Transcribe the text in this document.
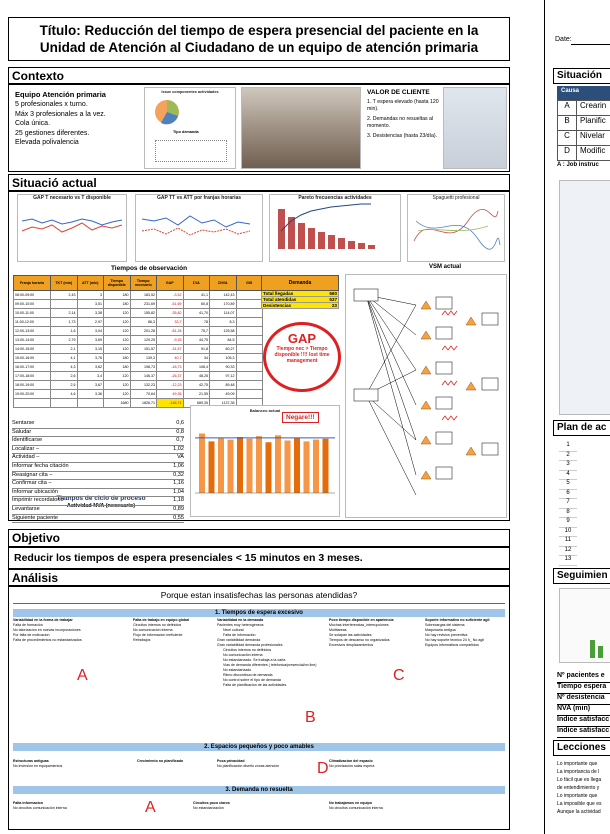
Título: Reducción del tiempo de espera presencial del paciente en la Unidad de Atención al Ciudadano de un equipo de atención primaria
Date:
Situación
Causa
A	Crearin
B	Planific
C	Nivelar
D	Modific
A : Job instruc
Plan de ac
1
2
3
4
5
6
7
8
9
10
11
12
13
Seguimien
Nº pacientes e
Tiempo espera
Nº desistencia
NVA (min)
Indice satisfacc
Indice satisfacc
Lecciones
Lo importante que
La importancia de l
Lo fácil que es llega
de entendimiento y
Lo importante que
La imposible que es
Aunque la actividad
Contexto
Equipo Atención primaria
5 profesionales x turno.
Máx 3 profesionales a la vez.
Cola única.
25 gestiones diferentes.
Elevada polivalencia
Issue componentes actividades
Tipo demanda
VALOR DE CLIENTE
1. T espera elevado (hasta 120 min).
2. Demandas no resueltas al momento.
3. Desistencias (hasta 23/día).
Situació actual
GAP T necesario vs T disponible	GAP TT vs ATT por franjas horarias	Pareto frecuencias actividades	Spaguetti profesional
Tiempos de observación
Franja horaria	TKT (min)	ATT (min)	Tiempo disponible	Tiempo necesario	GAP	ΣVA	ΣNVA	GIS
08:00-09:00	2,43	3	180	183,52	-3,52	41,1	142,43	
09:00-10:00		3,51	180	231,69	-51,69	60,8	170,89	
10:00-11:00	2,14	3,38	120	155,82	-35,82	41,70	114,07	
11:00-12:00	1,73	2,97	120	86,3	33,7	78	8,3	
12:00-13:00	1,6	3,04	120	201,28	-81,28	75,7	125,58	
13:00-14:00	2,79	3,69	120	129,25	-9,25	44,75	84,5	
14:00-15:00	2,1	3,15	120	151,57	-31,57	91,8	60,27	
15:00-16:00	4,1	3,76	180	139,3	40,7	34	105,3	
16:00-17:00	4,3	3,62	180	198,73	-18,73	108,4	90,33	
17:00-18:00	2,6	3,4	120	146,37	-26,37	48,25	97,12	
18:00-19:00	2,5	3,67	120	132,23	-12,23	42,75	89,48	
19:00-20:00	4,6	3,36	120	70,64	49,36	21,55	49,09	
			1680	1826,71	-146,71	689,35	1137,36	
Demanda
Total llegadas	560
Total atendidas	537
Desistencias	23
GAP
Tiempo nec > Tiempo disponible !!!! lost time management
VSM actual
Tiempos de ciclo de proceso
Actividad NVA (necesario)
Sentarse	0,6
Saludar	0,8
Identificarse	0,7
Localizar –	1,02
Actividad –	VA
Informar fecha citación	1,06
Reasignar cita –	0,32
Confirmar cita –	1,16
Informar ubicación	1,04
Imprimir recordatorio –	1,18
Levantarse	0,89
Siguiente paciente	0,55
Balanceo actual
Negare!!!
Objetivo
Reducir los tiempos de espera presenciales < 15 minutos en 3 meses.
Análisis
Porque estan insatisfechas las personas atendidas?
1. Tiempos de espera excesivo
Variabilidad en la forma de trabajar
Falta de formación
No talorizacion en nuevas incorporaciones
Por falta de motivacion
Falta de procedimientos no estandarizados
Falta de trabajo en equipo global
Circuitos internos no definidos
No comunicación interna
Flujo de informacion ineficiente
Retrabajos
Variabilidad en la demanda
Pacientes muy heterogéneos
Nivel cultural
Falta de información
Gran variabilidad demanda
Gran variabilidad demanda profesionales
Circuitos internos no definidos
No comunicación interna
No estandarizado. Se trabaja a la carta
Vias de demanda diferentes ( telefonica/presencial/on line)
No estandarizado
Ritmo discontinuo de demanda
No control sobre el tipo de demanda
Falta de planificación de las actividades
Poco tiempo disponible en apariencia
Muchas interferencias_interrupciones
Multitareas
Se solapan las actividades
Tiempos de descanso no organizados
Excesivos desplazamientos
Soporte informativo no suficiente agil
Sobrecargas del sistema
Maquinaria antigua
No hay revision preventiva
No hay soporte tecnico 24 h_ No agil
Equipos informáticos compartidos
2. Espacios pequeños y poco amables
Estructuras antiguas
No inversión en equipamientos
Crecimiento no planificado	Poca privacidad
No planificación diseño zonas atención
Climatizacion del espacio
No priorización salas espera
3. Demanda no resuelta
Falta informacion
No circuitos comunicación interna
Circuitos poco claros
No estandarización
No trabajamos en equipo
No circuitos comunicación interna
A
B
C
D
A
